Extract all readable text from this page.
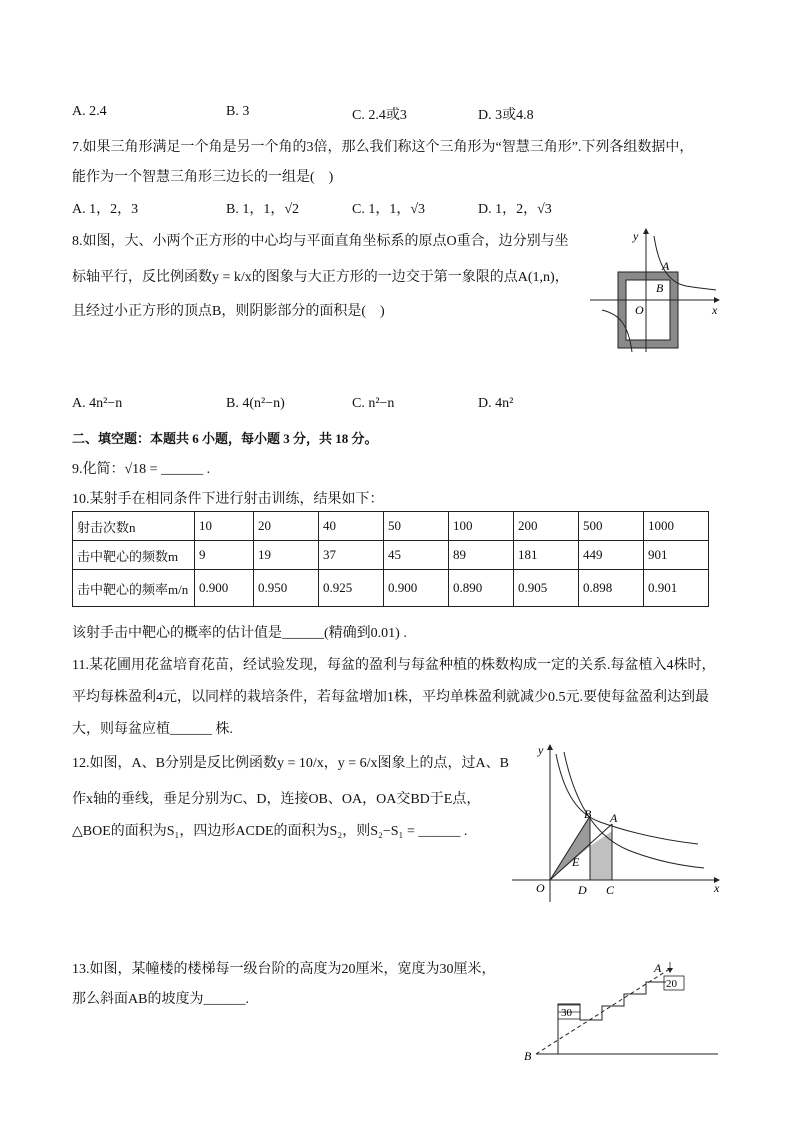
A. 2.4	B. 3	C. 2.4或3	D. 3或4.8
7.如果三角形满足一个角是另一个角的3倍，那么我们称这个三角形为“智慧三角形”.下列各组数据中，
能作为一个智慧三角形三边长的一组是(　)
A. 1，2，3	B. 1，1，√2	C. 1，1，√3	D. 1，2，√3
8.如图，大、小两个正方形的中心均与平面直角坐标系的原点O重合，边分别与坐
标轴平行，反比例函数y = k/x的图象与大正方形的一边交于第一象限的点A(1,n)，
且经过小正方形的顶点B，则阴影部分的面积是(　)
y
x
A
B
O
A. 4n²−n	B. 4(n²−n)	C. n²−n	D. 4n²
二、填空题：本题共 6 小题，每小题 3 分，共 18 分。
9.化简：√18 = ______ .
10.某射手在相同条件下进行射击训练，结果如下：
射击次数n	10	20	40	50	100	200	500	1000
击中靶心的频数m	9	19	37	45	89	181	449	901
击中靶心的频率m/n	0.900	0.950	0.925	0.900	0.890	0.905	0.898	0.901
该射手击中靶心的概率的估计值是______(精确到0.01) .
11.某花圃用花盆培育花苗，经试验发现，每盆的盈利与每盆种植的株数构成一定的关系.每盆植入4株时，
平均每株盈利4元，以同样的栽培条件，若每盆增加1株，平均单株盈利就减少0.5元.要使每盆盈利达到最
大，则每盆应植______ 株.
12.如图，A、B分别是反比例函数y = 10/x，y = 6/x图象上的点，过A、B
作x轴的垂线，垂足分别为C、D，连接OB、OA，OA交BD于E点，
△BOE的面积为S₁，四边形ACDE的面积为S₂，则S₂−S₁ = ______ .
y
x
O
A
B
C
D
E
13.如图，某幢楼的楼梯每一级台阶的高度为20厘米，宽度为30厘米，
那么斜面AB的坡度为______.
30
20
A
B
